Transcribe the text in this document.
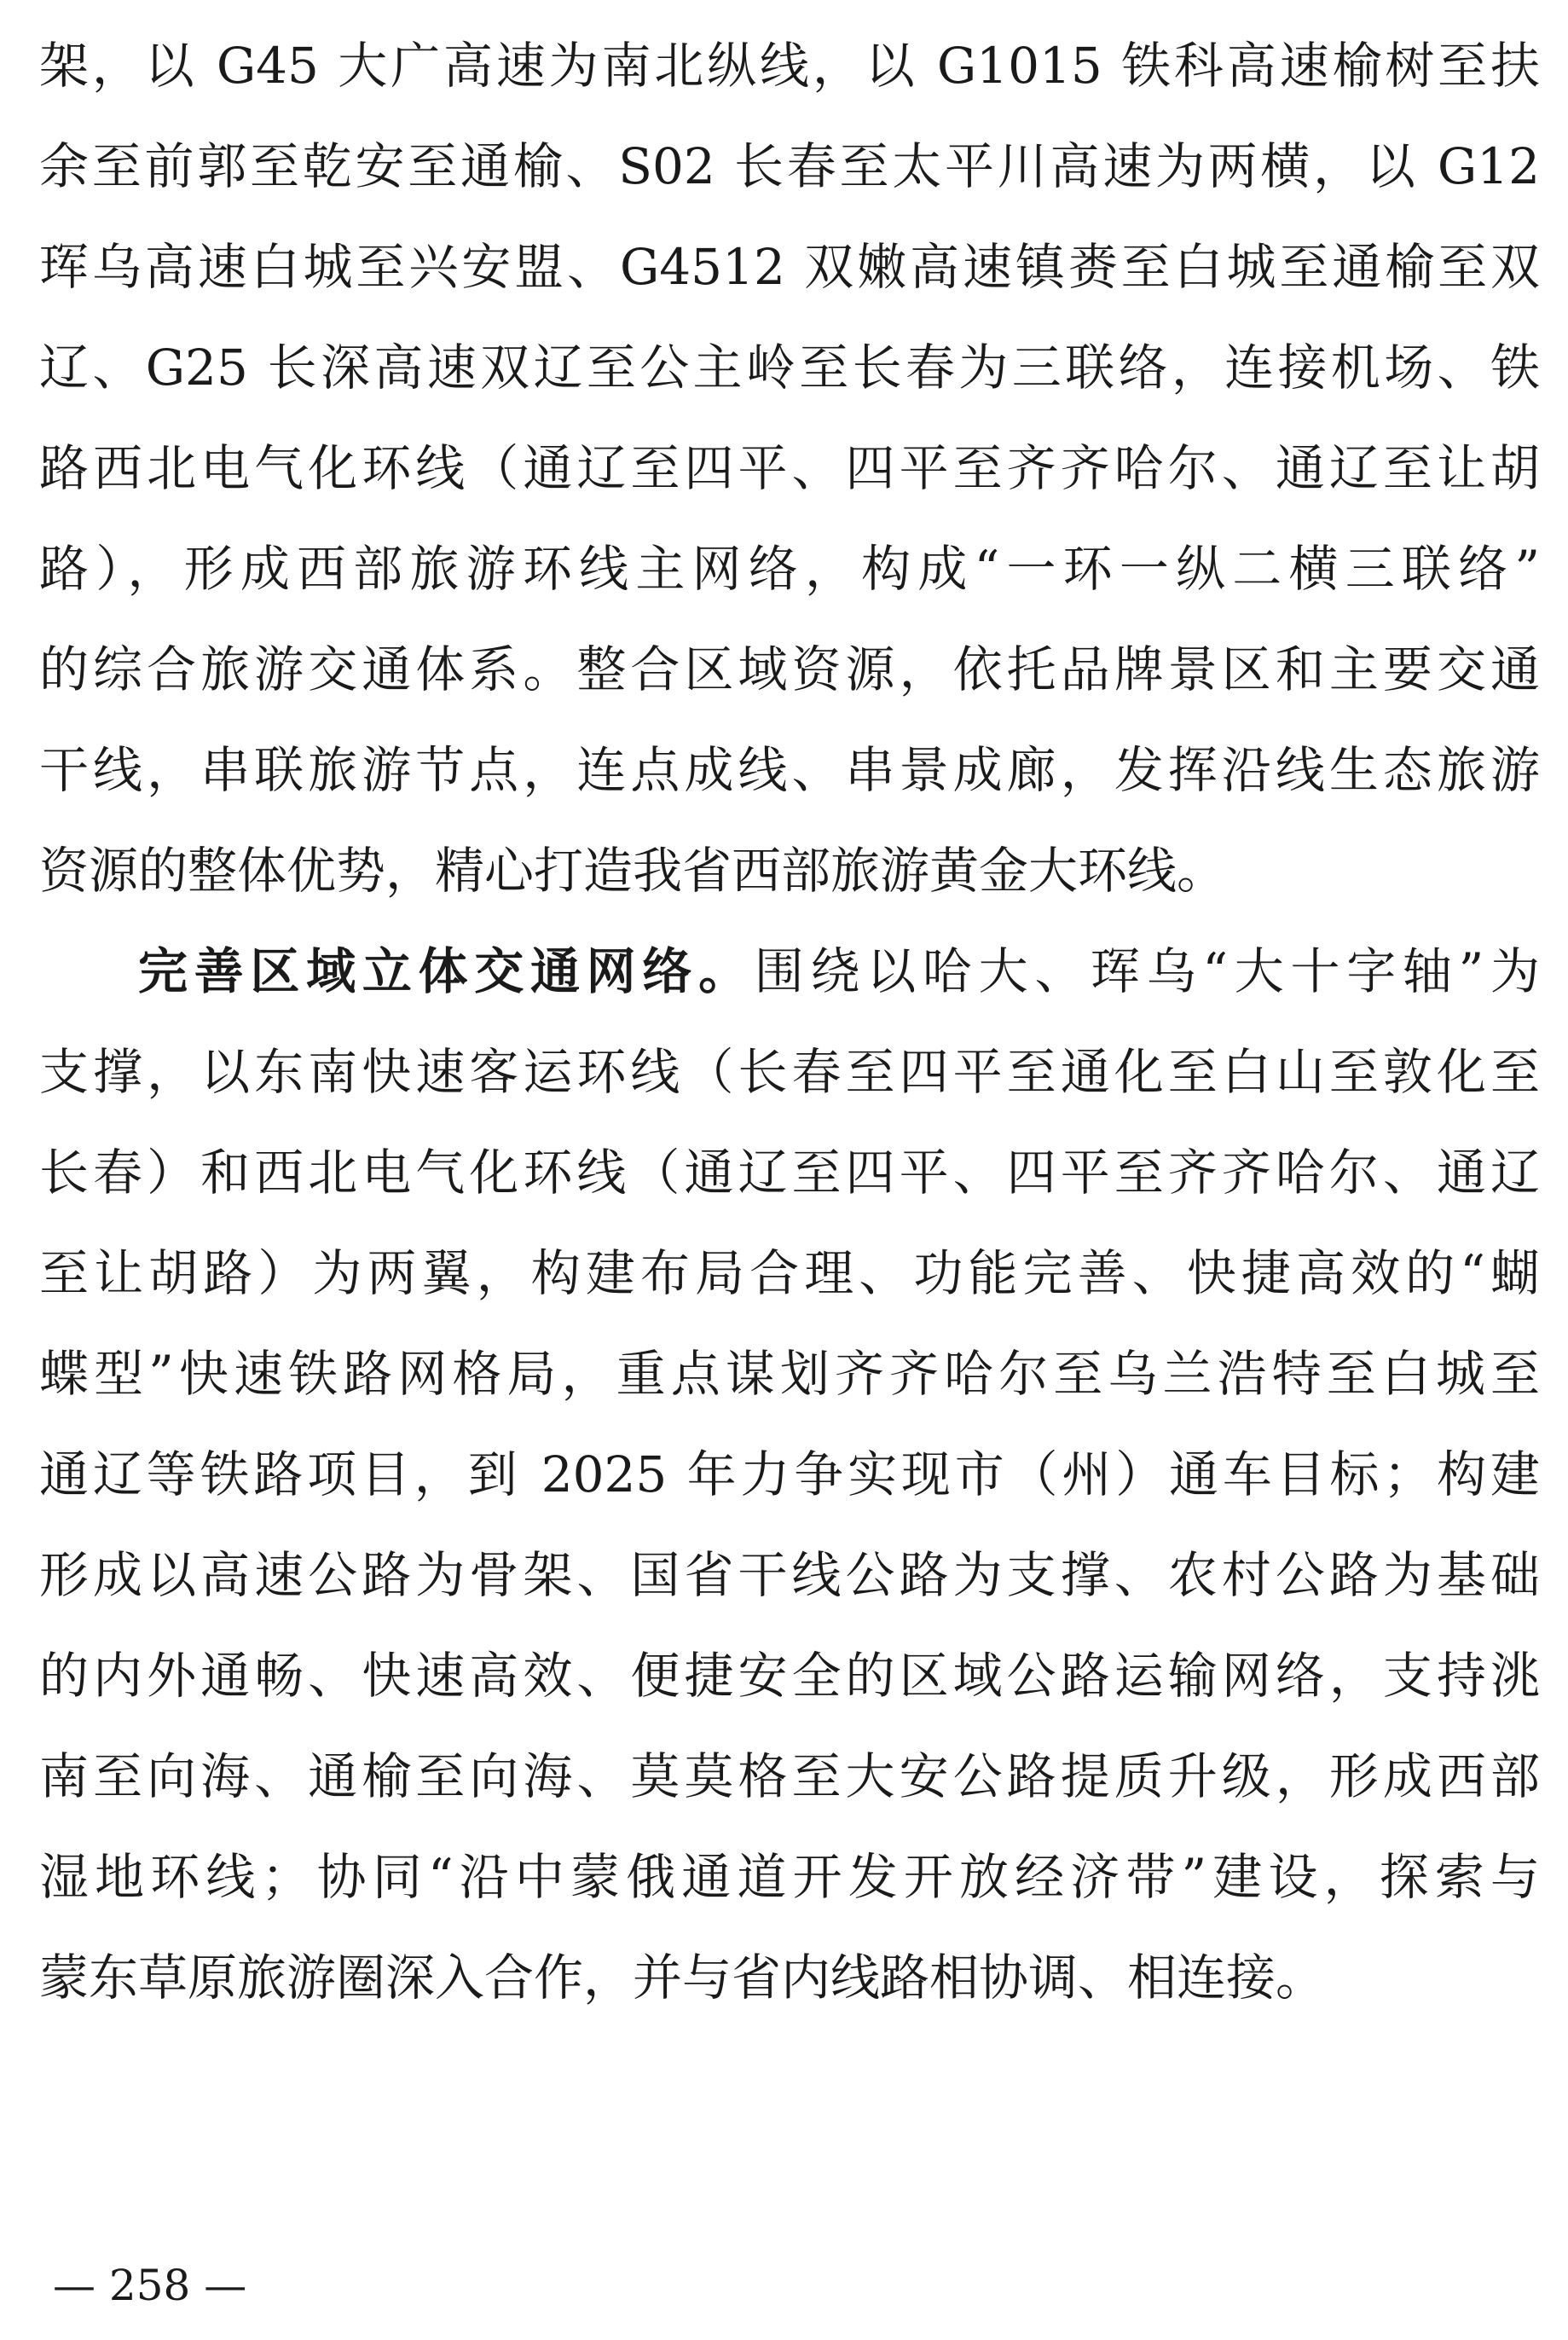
架，以 G45 大广高速为南北纵线，以 G1015 铁科高速榆树至扶
余至前郭至乾安至通榆、S02 长春至太平川高速为两横，以 G12
珲乌高速白城至兴安盟、G4512 双嫩高速镇赉至白城至通榆至双
辽、G25 长深高速双辽至公主岭至长春为三联络，连接机场、铁
路西北电气化环线（通辽至四平、四平至齐齐哈尔、通辽至让胡
路），形成西部旅游环线主网络，构成“一环一纵二横三联络”
的综合旅游交通体系。整合区域资源，依托品牌景区和主要交通
干线，串联旅游节点，连点成线、串景成廊，发挥沿线生态旅游
资源的整体优势，精心打造我省西部旅游黄金大环线。
完善区域立体交通网络。围绕以哈大、珲乌“大十字轴”为
支撑，以东南快速客运环线（长春至四平至通化至白山至敦化至
长春）和西北电气化环线（通辽至四平、四平至齐齐哈尔、通辽
至让胡路）为两翼，构建布局合理、功能完善、快捷高效的“蝴
蝶型”快速铁路网格局，重点谋划齐齐哈尔至乌兰浩特至白城至
通辽等铁路项目，到 2025 年力争实现市（州）通车目标；构建
形成以高速公路为骨架、国省干线公路为支撑、农村公路为基础
的内外通畅、快速高效、便捷安全的区域公路运输网络，支持洮
南至向海、通榆至向海、莫莫格至大安公路提质升级，形成西部
湿地环线；协同“沿中蒙俄通道开发开放经济带”建设，探索与
蒙东草原旅游圈深入合作，并与省内线路相协调、相连接。
— 258 —
